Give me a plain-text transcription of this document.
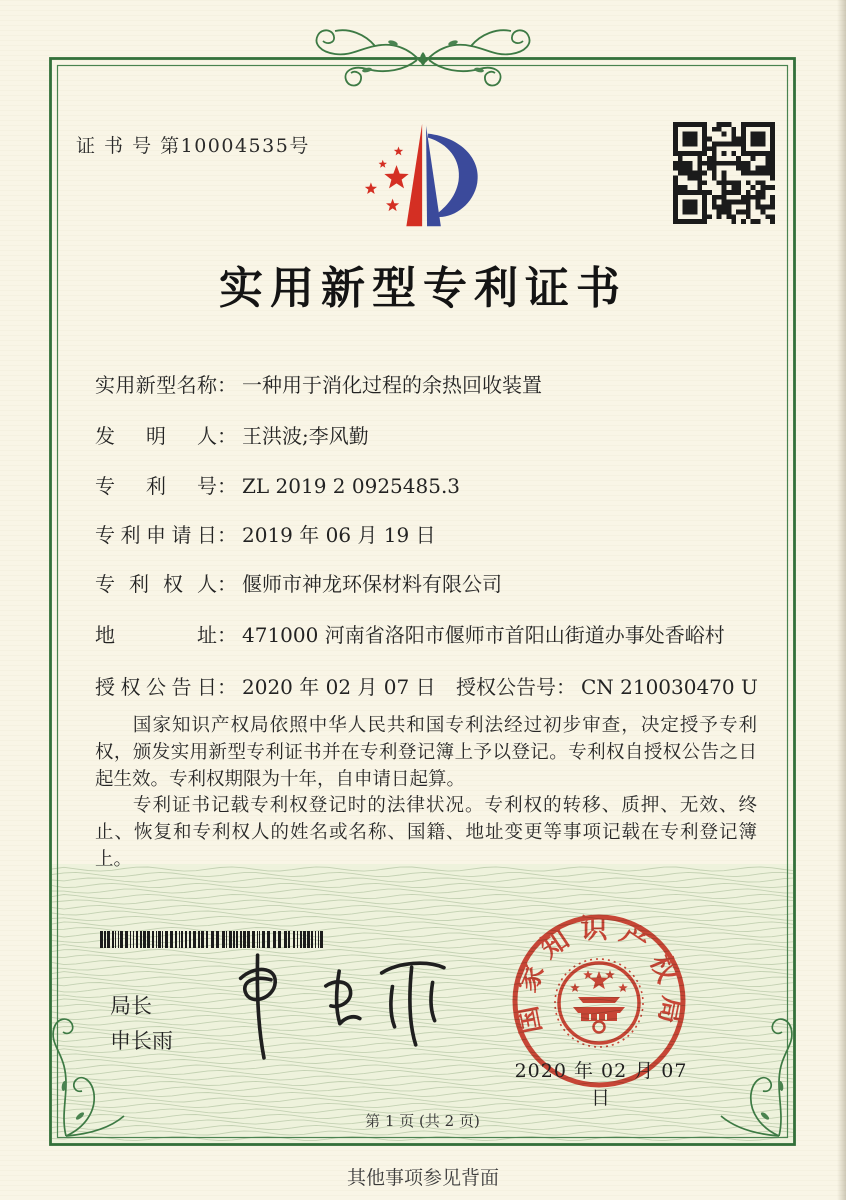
证 书 号 第10004535号
实用新型专利证书
实用新型名称： 一种用于消化过程的余热回收装置
发明人： 王洪波;李风勤
专利号： ZL 2019 2 0925485.3
专利申请日： 2019 年 06 月 19 日
专利权人： 偃师市神龙环保材料有限公司
地址： 471000 河南省洛阳市偃师市首阳山街道办事处香峪村
授权公告日： 2020 年 02 月 07 日 授权公告号： CN 210030470 U
国家知识产权局依照中华人民共和国专利法经过初步审查，决定授予专利权，颁发实用新型专利证书并在专利登记簿上予以登记。专利权自授权公告之日起生效。专利权期限为十年，自申请日起算。
专利证书记载专利权登记时的法律状况。专利权的转移、质押、无效、终止、恢复和专利权人的姓名或名称、国籍、地址变更等事项记载在专利登记簿上。
局长
申长雨
国家知识产权局
2020 年 02 月 07 日
第 1 页 (共 2 页)
其他事项参见背面
